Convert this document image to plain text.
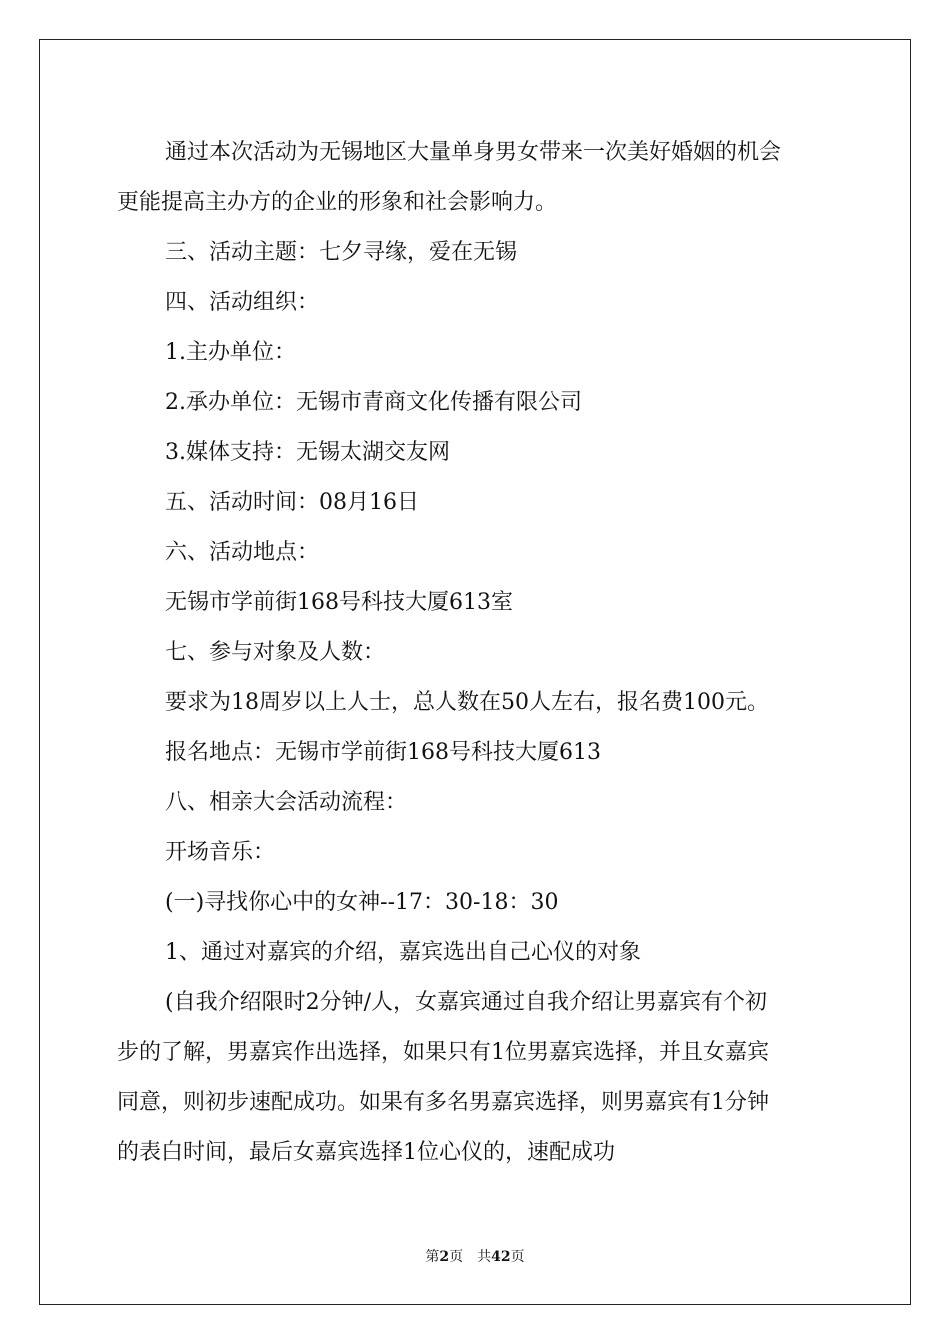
通过本次活动为无锡地区大量单身男女带来一次美好婚姻的机会

更能提高主办方的企业的形象和社会影响力。

三、活动主题：七夕寻缘，爱在无锡

四、活动组织：

1.主办单位：

2.承办单位：无锡市青商文化传播有限公司

3.媒体支持：无锡太湖交友网

五、活动时间：08月16日

六、活动地点：

无锡市学前街168号科技大厦613室

七、参与对象及人数：

要求为18周岁以上人士，总人数在50人左右，报名费100元。

报名地点：无锡市学前街168号科技大厦613

八、相亲大会活动流程：

开场音乐：

(一)寻找你心中的女神--17：30-18：30

1、通过对嘉宾的介绍，嘉宾选出自己心仪的对象

(自我介绍限时2分钟/人，女嘉宾通过自我介绍让男嘉宾有个初

步的了解，男嘉宾作出选择，如果只有1位男嘉宾选择，并且女嘉宾

同意，则初步速配成功。如果有多名男嘉宾选择，则男嘉宾有1分钟

的表白时间，最后女嘉宾选择1位心仪的，速配成功

第2页 共42页
